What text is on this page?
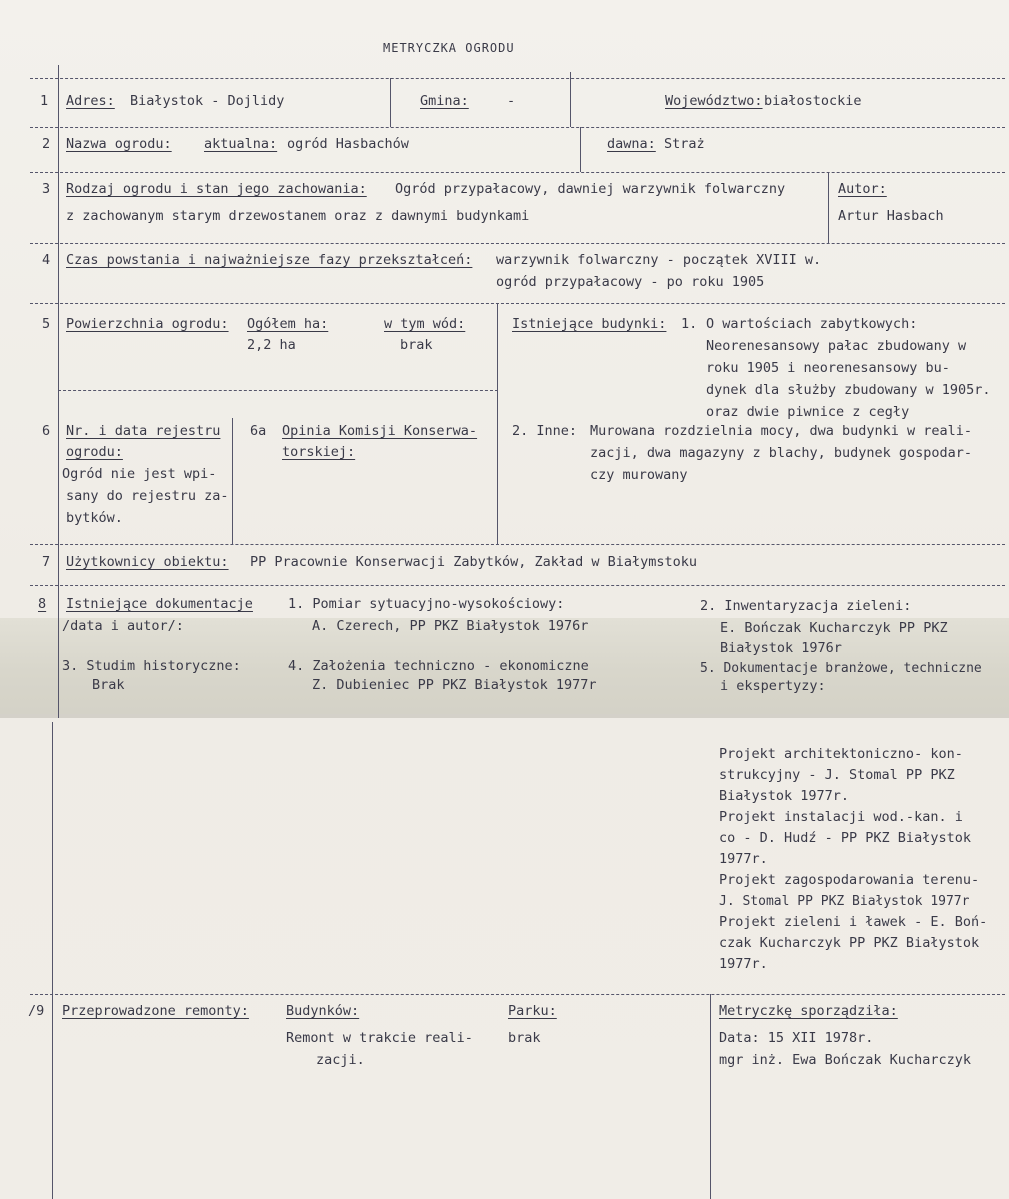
METRYCZKA OGRODU
1 Adres: Białystok - Dojlidy	Gmina:	-	Województwo: białostockie
2 Nazwa ogrodu: aktualna: ogród Hasbachów	dawna: Straż
3 Rodzaj ogrodu i stan jego zachowania: Ogród przypałacowy, dawniej warzywnik folwarczny
z zachowanym starym drzewostanem oraz z dawnymi budynkami
Autor:
Artur Hasbach
4 Czas powstania i najważniejsze fazy przekształceń: warzywnik folwarczny - początek XVIII w.
ogród przypałacowy - po roku 1905
5 Powierzchnia ogrodu: Ogółem ha:
2,2 ha
w tym wód:
brak
Istniejące budynki: 1. O wartościach zabytkowych:
Neorenesansowy pałac zbudowany w
roku 1905 i neorenesansowy bu-
dynek dla służby zbudowany w 1905r.
oraz dwie piwnice z cegły
6 Nr. i data rejestru
ogrodu:
Ogród nie jest wpi-
sany do rejestru za-
bytków.
6a Opinia Komisji Konserwa-
torskiej:
2. Inne: Murowana rozdzielnia mocy, dwa budynki w reali-
zacji, dwa magazyny z blachy, budynek gospodar-
czy murowany
7 Użytkownicy obiektu: PP Pracownie Konserwacji Zabytków, Zakład w Białymstoku
8 Istniejące dokumentacje
/data i autor/:
1. Pomiar sytuacyjno-wysokościowy:
A. Czerech, PP PKZ Białystok 1976r
2. Inwentaryzacja zieleni:
E. Bończak Kucharczyk PP PKZ
Białystok 1976r
3. Studim historyczne:
Brak
4. Założenia techniczno - ekonomiczne
Z. Dubieniec PP PKZ Białystok 1977r
5. Dokumentacje branżowe, techniczne
i ekspertyzy:
Projekt architektoniczno- kon-
strukcyjny - J. Stomal PP PKZ
Białystok 1977r.
Projekt instalacji wod.-kan. i
co - D. Hudź - PP PKZ Białystok
1977r.
Projekt zagospodarowania terenu-
J. Stomal PP PKZ Białystok 1977r
Projekt zieleni i ławek - E. Boń-
czak Kucharczyk PP PKZ Białystok
1977r.
/9 Przeprowadzone remonty:	Budynków:
Remont w trakcie reali-
zacji.
Parku:
brak
Metryczkę sporządziła:
Data: 15 XII 1978r.
mgr inż. Ewa Bończak Kucharczyk
